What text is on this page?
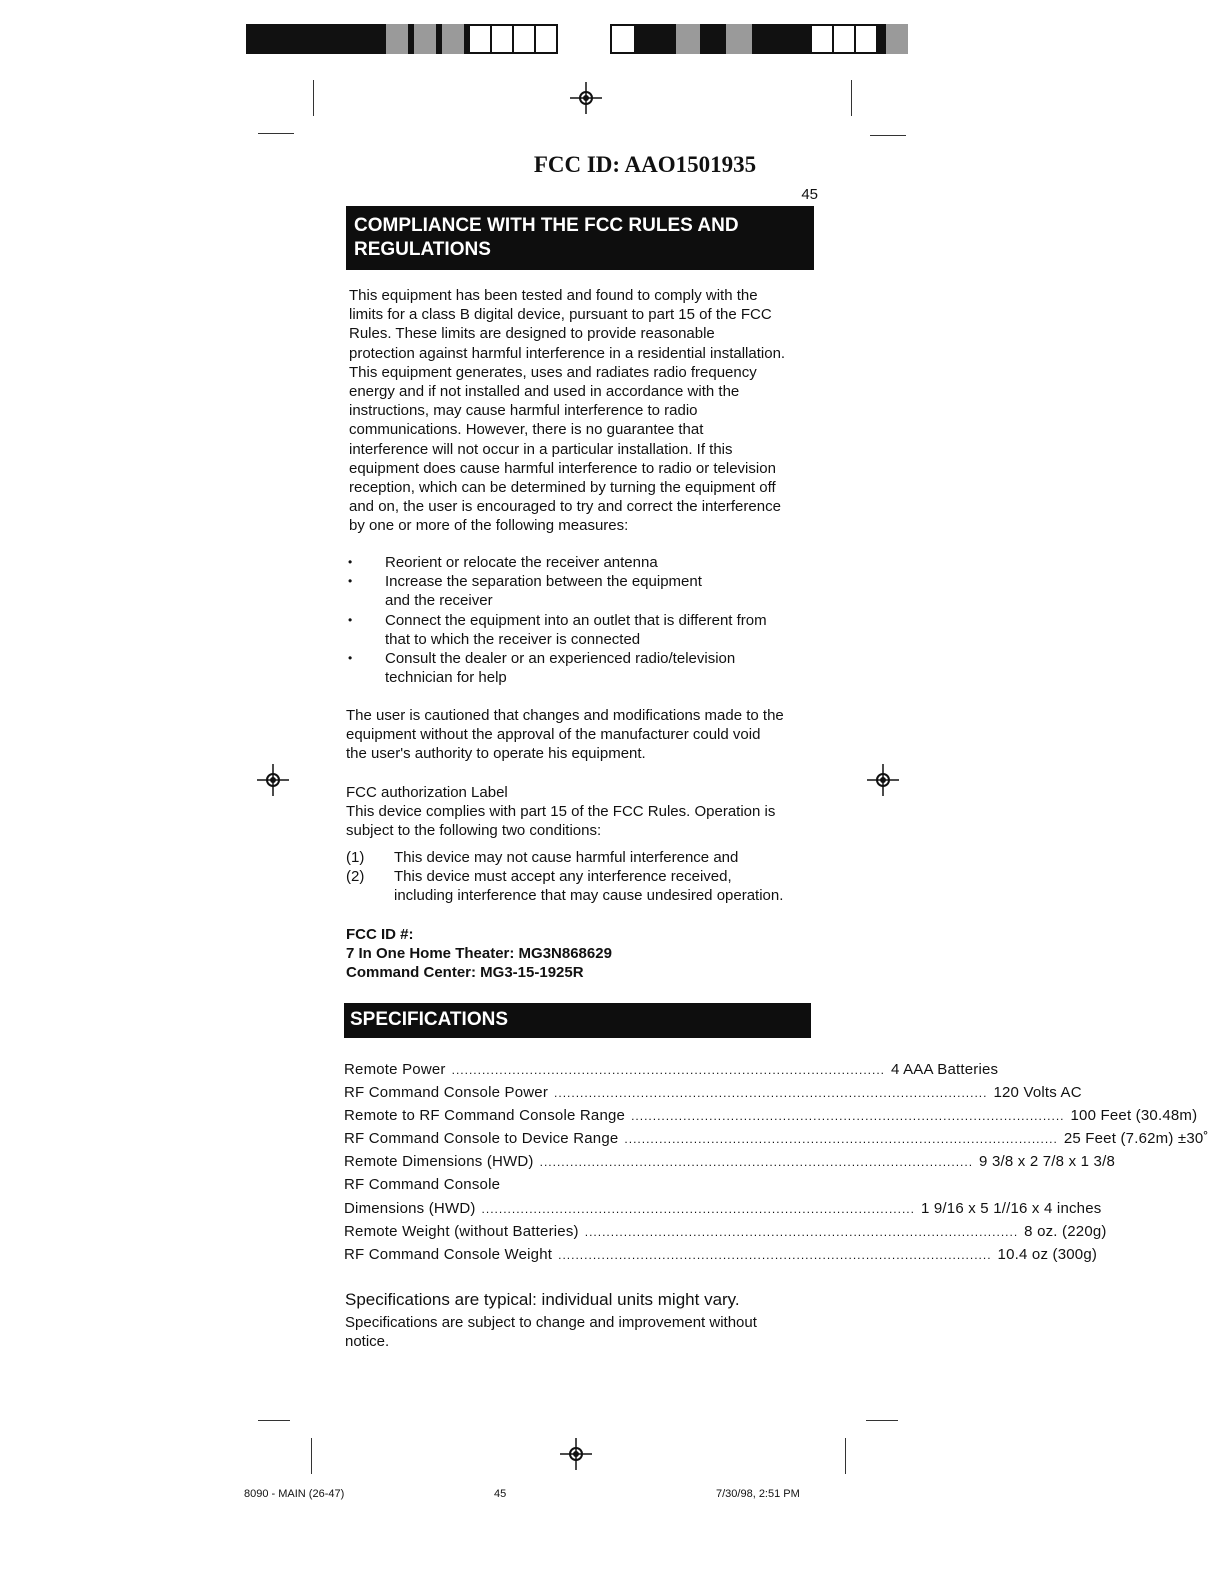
FCC ID: AAO1501935
45
COMPLIANCE WITH THE FCC RULES AND
REGULATIONS
This equipment has been tested and found to comply with the
limits for a class B digital device, pursuant to part 15 of the FCC
Rules. These limits are designed to provide reasonable
protection against harmful interference in a residential installation.
This equipment generates, uses and radiates radio frequency
energy and if not installed and used in accordance with the
instructions, may cause harmful interference to radio
communications. However, there is no guarantee that
interference will not occur in a particular installation. If this
equipment does cause harmful interference to radio or television
reception, which can be determined by turning the equipment off
and on, the user is encouraged to try and correct the interference
by one or more of the following measures:
•	Reorient or relocate the receiver antenna
•	Increase the separation between the equipment
and the receiver
•	Connect the equipment into an outlet that is different from
that to which the receiver is connected
•	Consult the dealer or an experienced radio/television
technician for help
The user is cautioned that changes and modifications made to the
equipment without the approval of the manufacturer could void
the user's authority to operate his equipment.
FCC authorization Label
This device complies with part 15 of the FCC Rules. Operation is
subject to the following two conditions:
(1)	This device may not cause harmful interference and
(2)	This device must accept any interference received,
including interference that may cause undesired operation.
FCC ID #:
7 In One Home Theater: MG3N868629
Command Center: MG3-15-1925R
SPECIFICATIONS
Remote Power .................................................................................................... 4 AAA Batteries
RF Command Console Power .................................................................................................... 120 Volts AC
Remote to RF Command Console Range .................................................................................................... 100 Feet (30.48m)
RF Command Console to Device Range .................................................................................................... 25 Feet (7.62m) ±30˚
Remote Dimensions (HWD) .................................................................................................... 9 3/8 x 2 7/8 x 1 3/8
RF Command Console
Dimensions (HWD) .................................................................................................... 1 9/16 x 5 1//16 x 4 inches
Remote Weight (without Batteries) .................................................................................................... 8 oz. (220g)
RF Command Console Weight .................................................................................................... 10.4 oz (300g)
Specifications are typical: individual units might vary.
Specifications are subject to change and improvement without
notice.
8090 - MAIN (26-47)	45	7/30/98, 2:51 PM
